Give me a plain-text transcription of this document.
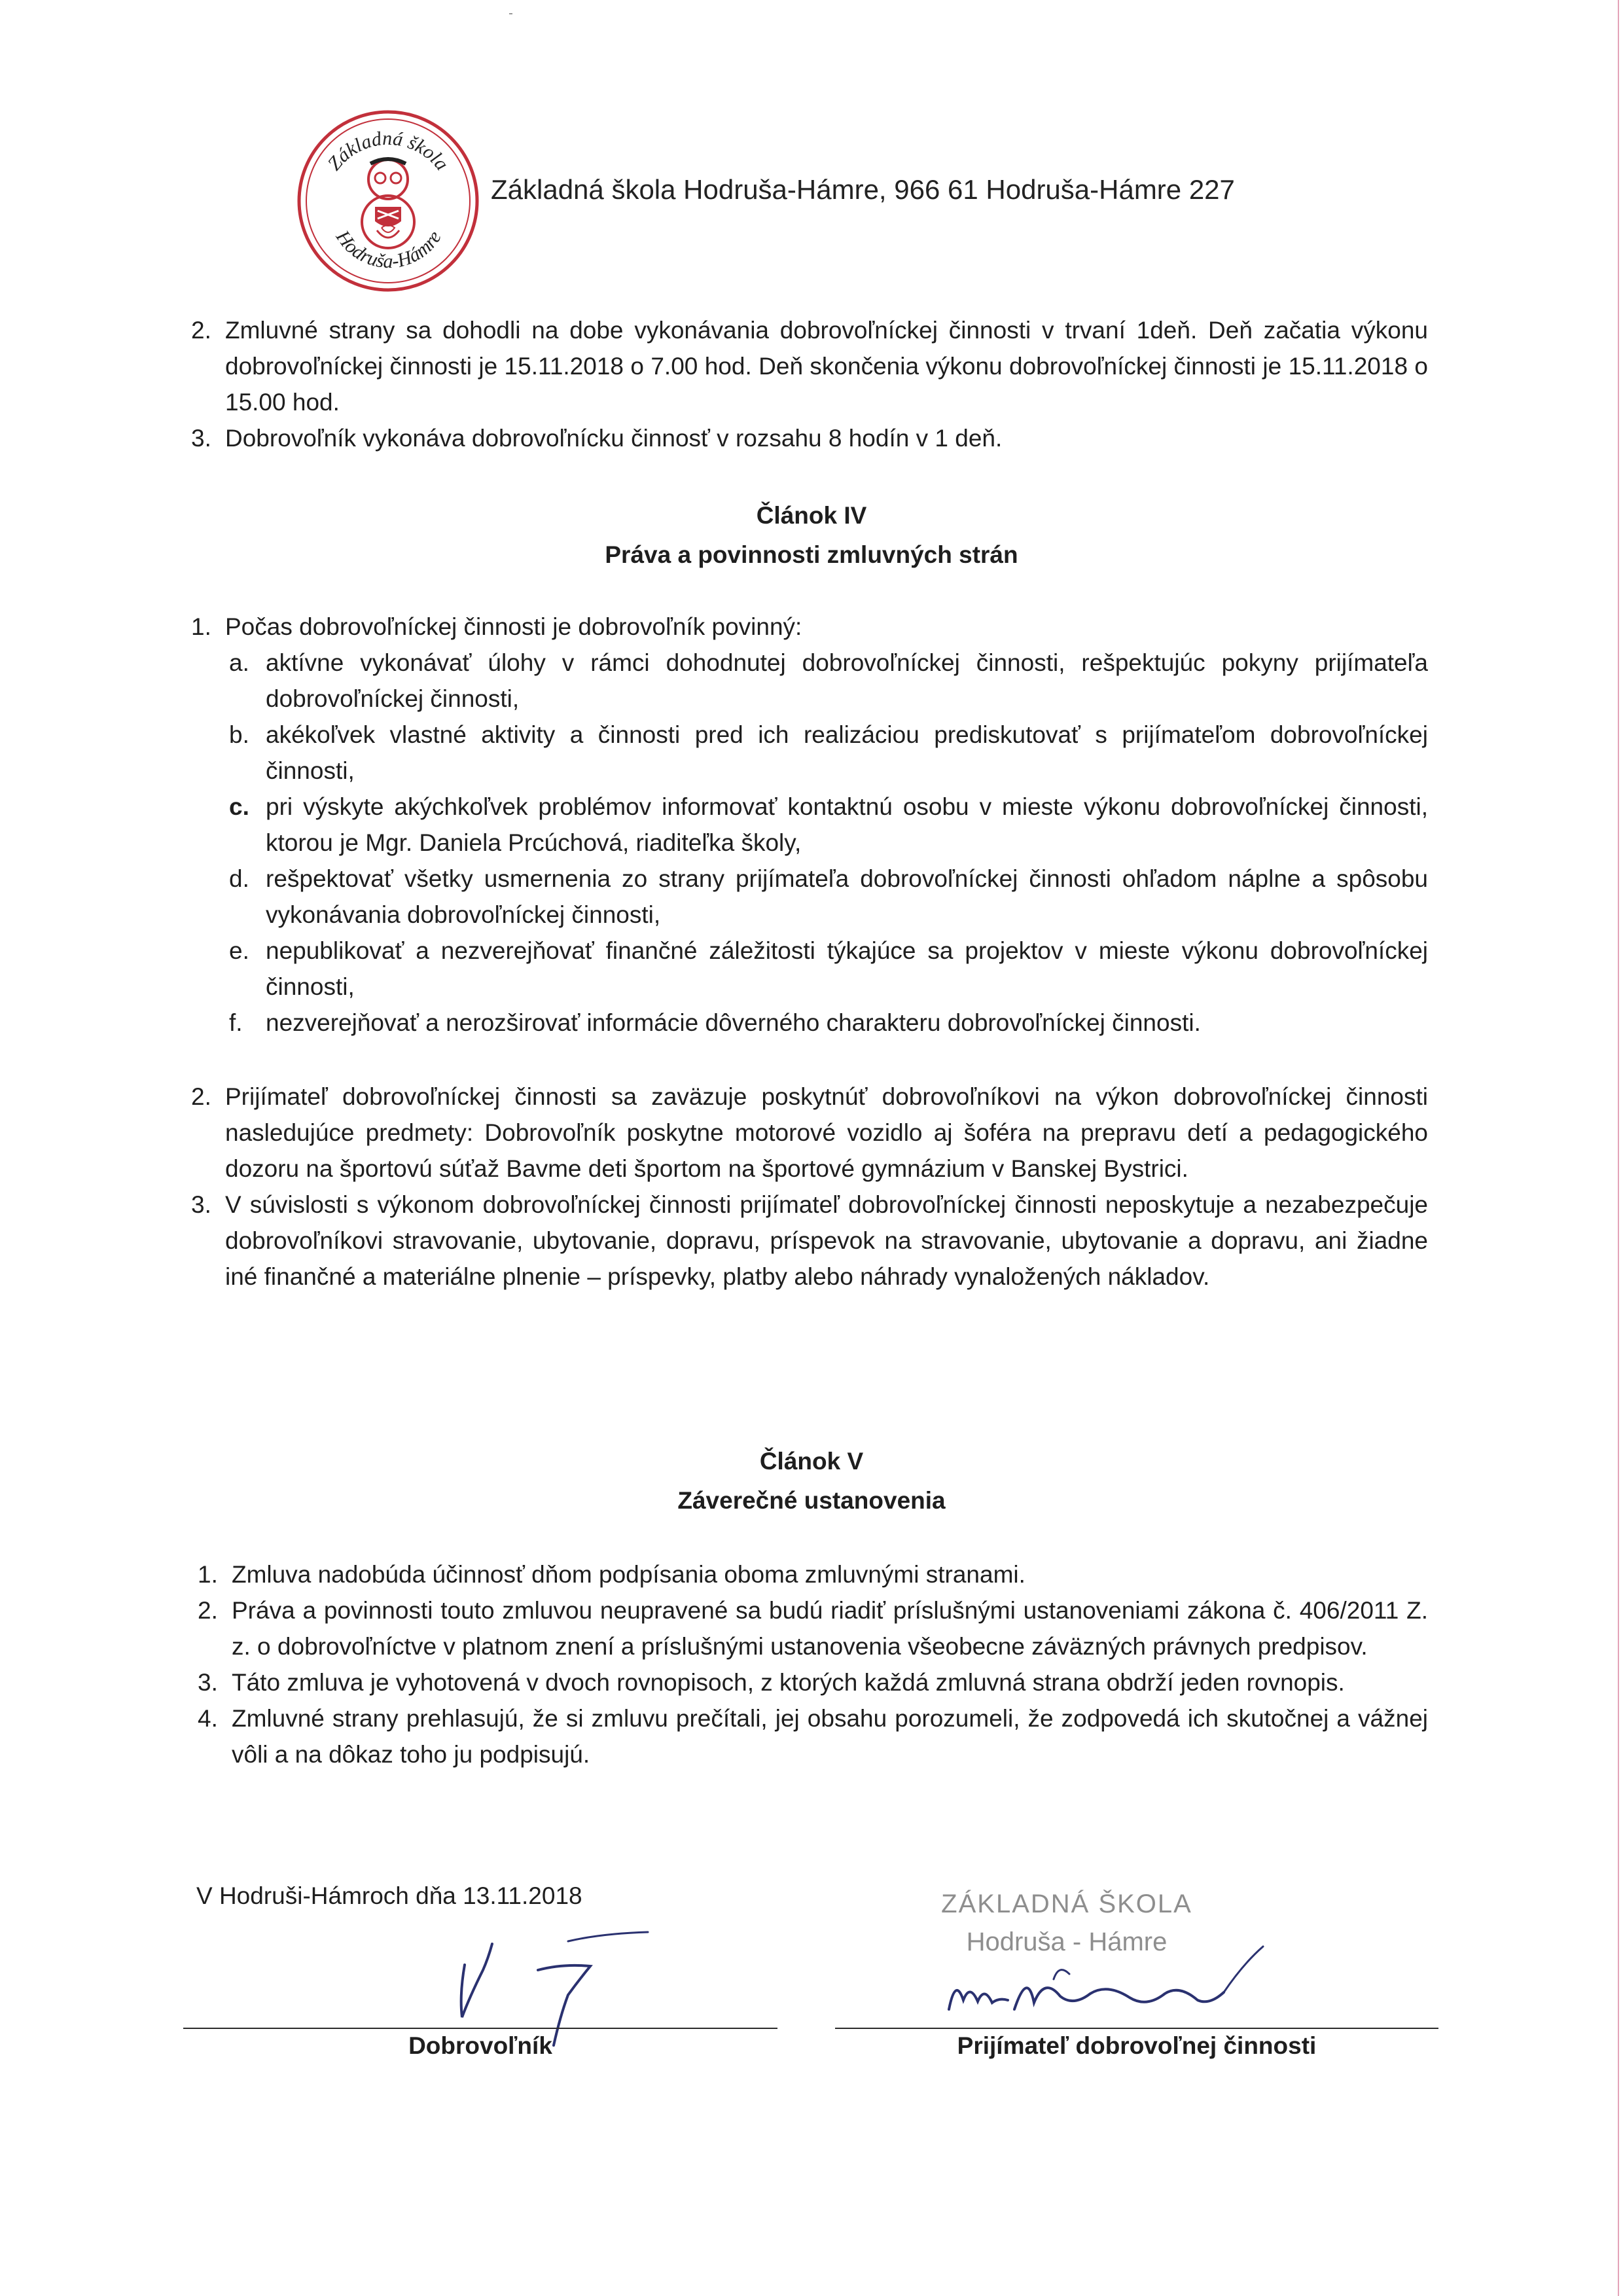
Základná škola
Hodruša-Hámre
Základná škola Hodruša-Hámre, 966 61 Hodruša-Hámre 227
2. Zmluvné strany sa dohodli na dobe vykonávania dobrovoľníckej činnosti v trvaní 1deň. Deň začatia výkonu dobrovoľníckej činnosti je 15.11.2018 o 7.00 hod. Deň skončenia výkonu dobrovoľníckej činnosti je 15.11.2018 o 15.00 hod.
3. Dobrovoľník vykonáva dobrovoľnícku činnosť v rozsahu 8 hodín v 1 deň.
Článok IV
Práva a povinnosti zmluvných strán
1. Počas dobrovoľníckej činnosti je dobrovoľník povinný:
a. aktívne vykonávať úlohy v rámci dohodnutej dobrovoľníckej činnosti, rešpektujúc pokyny prijímateľa dobrovoľníckej činnosti,
b. akékoľvek vlastné aktivity a činnosti pred ich realizáciou prediskutovať s prijímateľom dobrovoľníckej činnosti,
c. pri výskyte akýchkoľvek problémov informovať kontaktnú osobu v mieste výkonu dobrovoľníckej činnosti, ktorou je Mgr. Daniela Prcúchová, riaditeľka školy,
d. rešpektovať všetky usmernenia zo strany prijímateľa dobrovoľníckej činnosti ohľadom náplne a spôsobu vykonávania dobrovoľníckej činnosti,
e. nepublikovať a nezverejňovať finančné záležitosti týkajúce sa projektov v mieste výkonu dobrovoľníckej činnosti,
f. nezverejňovať a nerozširovať informácie dôverného charakteru dobrovoľníckej činnosti.
2. Prijímateľ dobrovoľníckej činnosti sa zaväzuje poskytnúť dobrovoľníkovi na výkon dobrovoľníckej činnosti nasledujúce predmety: Dobrovoľník poskytne motorové vozidlo aj šoféra na prepravu detí a pedagogického dozoru na športovú súťaž Bavme deti športom na športové gymnázium v Banskej Bystrici.
3. V súvislosti s výkonom dobrovoľníckej činnosti prijímateľ dobrovoľníckej činnosti neposkytuje a nezabezpečuje dobrovoľníkovi stravovanie, ubytovanie, dopravu, príspevok na stravovanie, ubytovanie a dopravu, ani žiadne iné finančné a materiálne plnenie – príspevky, platby alebo náhrady vynaložených nákladov.
Článok V
Záverečné ustanovenia
1. Zmluva nadobúda účinnosť dňom podpísania oboma zmluvnými stranami.
2. Práva a povinnosti touto zmluvou neupravené sa budú riadiť príslušnými ustanoveniami zákona č. 406/2011 Z. z. o dobrovoľníctve v platnom znení a príslušnými ustanovenia všeobecne záväzných právnych predpisov.
3. Táto zmluva je vyhotovená v dvoch rovnopisoch, z ktorých každá zmluvná strana obdrží jeden rovnopis.
4. Zmluvné strany prehlasujú, že si zmluvu prečítali, jej obsahu porozumeli, že zodpovedá ich skutočnej a vážnej vôli a na dôkaz toho ju podpisujú.
V Hodruši-Hámroch dňa 13.11.2018	ZÁKLADNÁ ŠKOLA
Hodruša - Hámre
Dobrovoľník	Prijímateľ dobrovoľnej činnosti
